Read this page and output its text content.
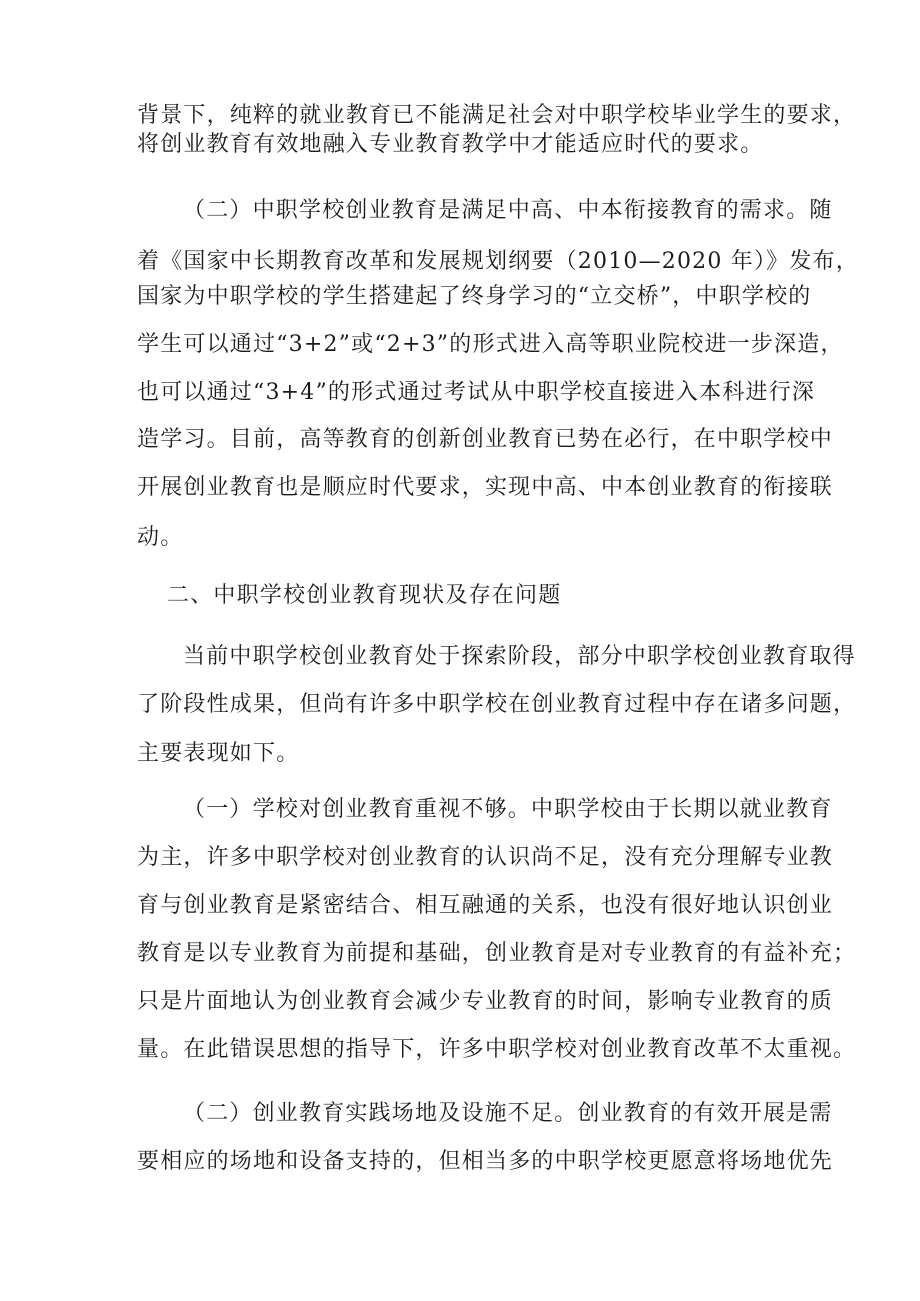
背景下，纯粹的就业教育已不能满足社会对中职学校毕业学生的要求，
将创业教育有效地融入专业教育教学中才能适应时代的要求。
（二）中职学校创业教育是满足中高、中本衔接教育的需求。随
着《国家中长期教育改革和发展规划纲要（2010—2020 年）》发布，
国家为中职学校的学生搭建起了终身学习的“立交桥”，中职学校的
学生可以通过“3+2”或“2+3”的形式进入高等职业院校进一步深造，
也可以通过“3+4”的形式通过考试从中职学校直接进入本科进行深
造学习。目前，高等教育的创新创业教育已势在必行，在中职学校中
开展创业教育也是顺应时代要求，实现中高、中本创业教育的衔接联
动。
二、中职学校创业教育现状及存在问题
当前中职学校创业教育处于探索阶段，部分中职学校创业教育取得
了阶段性成果，但尚有许多中职学校在创业教育过程中存在诸多问题，
主要表现如下。
（一）学校对创业教育重视不够。中职学校由于长期以就业教育
为主，许多中职学校对创业教育的认识尚不足，没有充分理解专业教
育与创业教育是紧密结合、相互融通的关系，也没有很好地认识创业
教育是以专业教育为前提和基础，创业教育是对专业教育的有益补充；
只是片面地认为创业教育会减少专业教育的时间，影响专业教育的质
量。在此错误思想的指导下，许多中职学校对创业教育改革不太重视。
（二）创业教育实践场地及设施不足。创业教育的有效开展是需
要相应的场地和设备支持的，但相当多的中职学校更愿意将场地优先
